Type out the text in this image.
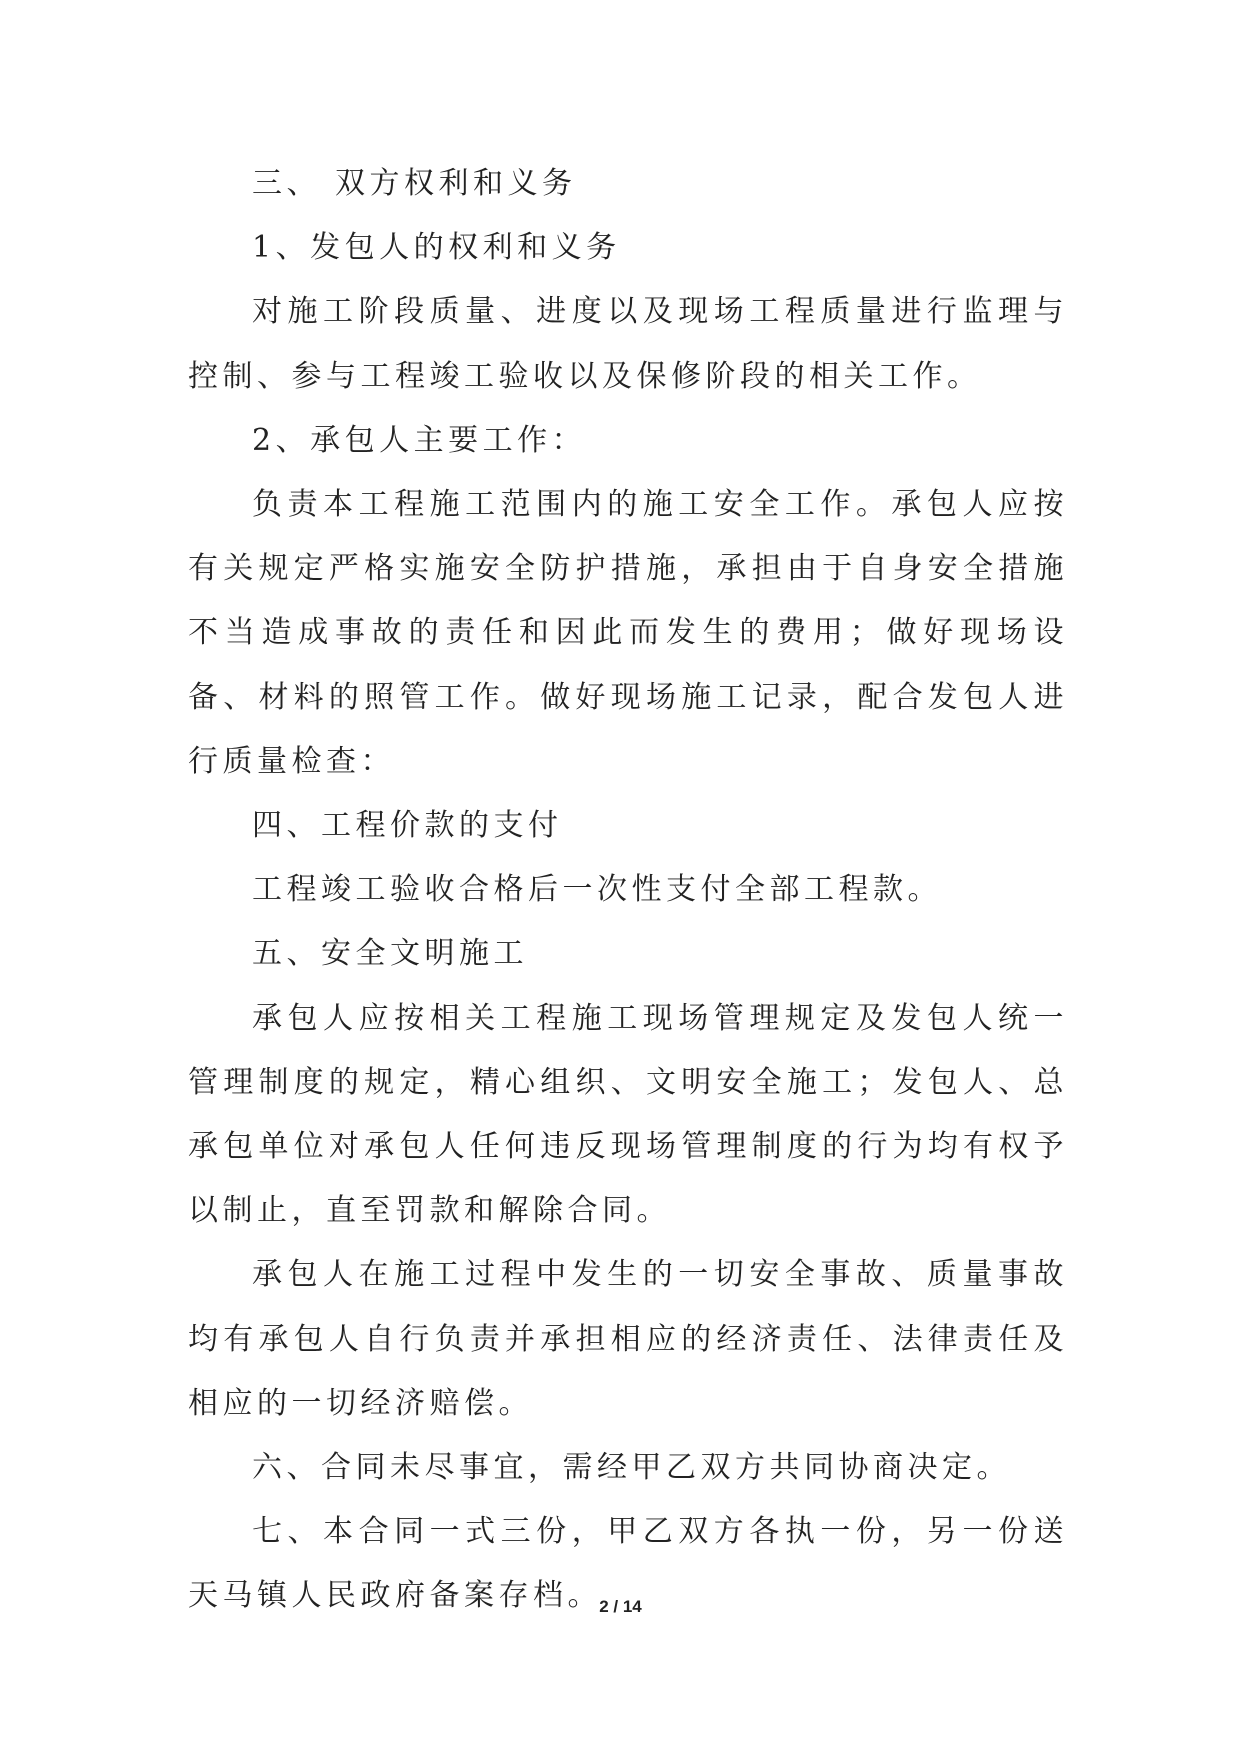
三、 双方权利和义务

1、发包人的权利和义务

对施工阶段质量、进度以及现场工程质量进行监理与控制、参与工程竣工验收以及保修阶段的相关工作。

2、承包人主要工作：

负责本工程施工范围内的施工安全工作。承包人应按有关规定严格实施安全防护措施，承担由于自身安全措施不当造成事故的责任和因此而发生的费用；做好现场设备、材料的照管工作。做好现场施工记录，配合发包人进行质量检查：

四、工程价款的支付

工程竣工验收合格后一次性支付全部工程款。

五、安全文明施工

承包人应按相关工程施工现场管理规定及发包人统一管理制度的规定，精心组织、文明安全施工；发包人、总承包单位对承包人任何违反现场管理制度的行为均有权予以制止，直至罚款和解除合同。

承包人在施工过程中发生的一切安全事故、质量事故均有承包人自行负责并承担相应的经济责任、法律责任及相应的一切经济赔偿。

六、合同未尽事宜，需经甲乙双方共同协商决定。

七、本合同一式三份，甲乙双方各执一份，另一份送天马镇人民政府备案存档。

2 / 14
